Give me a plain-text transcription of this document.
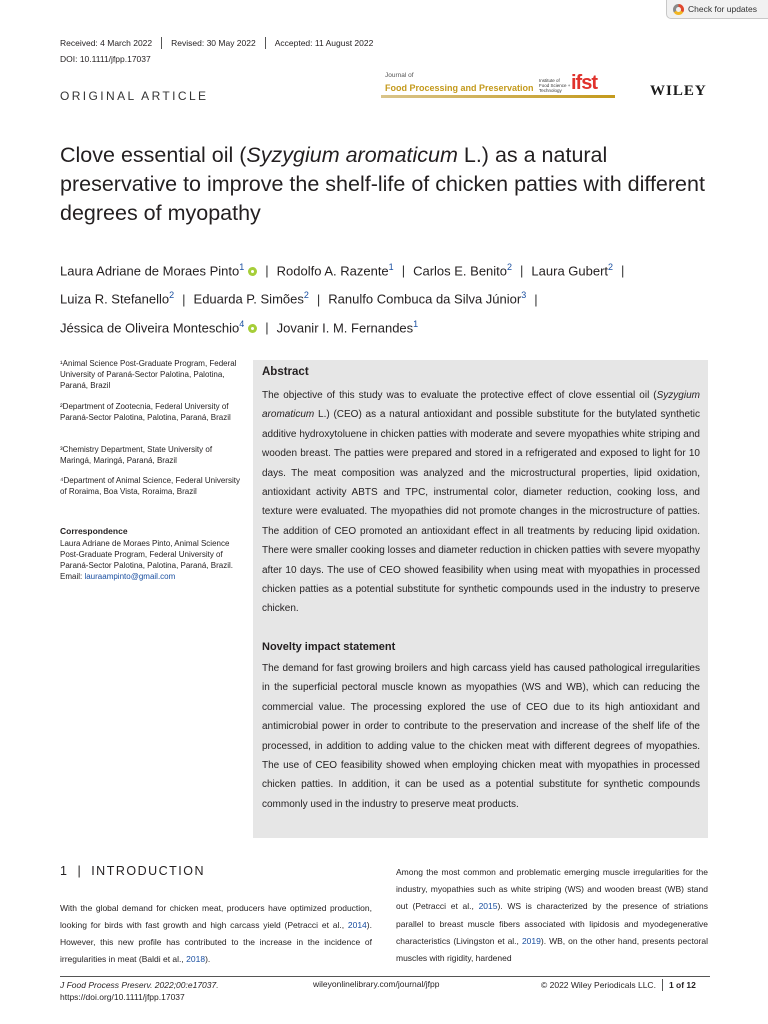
Check for updates
Received: 4 March 2022 Revised: 30 May 2022 Accepted: 11 August 2022
DOI: 10.1111/jfpp.17037
Journal of
Food Processing and Preservation
Institute of Food Science + Technology ifst	WILEY
ORIGINAL ARTICLE
Clove essential oil (Syzygium aromaticum L.) as a natural preservative to improve the shelf-life of chicken patties with different degrees of myopathy
Laura Adriane de Moraes Pinto$^1$ | Rodolfo A. Razente$^1$ | Carlos E. Benito$^2$ | Laura Gubert$^2$ |
Luiza R. Stefanello$^2$ | Eduarda P. Simões$^2$ | Ranulfo Combuca da Silva Júnior$^3$ |
Jéssica de Oliveira Monteschio$^4$ | Jovanir I. M. Fernandes$^1$
¹Animal Science Post-Graduate Program, Federal University of Paraná-Sector Palotina, Palotina, Paraná, Brazil
²Department of Zootecnia, Federal University of Paraná-Sector Palotina, Palotina, Paraná, Brazil
³Chemistry Department, State University of Maringá, Maringá, Paraná, Brazil
⁴Department of Animal Science, Federal University of Roraima, Boa Vista, Roraima, Brazil
Correspondence
Laura Adriane de Moraes Pinto, Animal Science Post-Graduate Program, Federal University of Paraná-Sector Palotina, Palotina, Paraná, Brazil.
Email: lauraampinto@gmail.com
Abstract
The objective of this study was to evaluate the protective effect of clove essential oil (Syzygium aromaticum L.) (CEO) as a natural antioxidant and possible substitute for the butylated synthetic additive hydroxytoluene in chicken patties with moderate and severe myopathies white striping and wooden breast. The patties were prepared and stored in a refrigerated and exposed to light for 10 days. The meat composition was analyzed and the microstructural properties, lipid oxidation, antioxidant activity ABTS and TPC, instrumental color, diameter reduction, cooking loss, and texture were evaluated. The myopathies did not promote changes in the microstructure of patties. The addition of CEO promoted an antioxidant effect in all treatments by reducing lipid oxidation. There were smaller cooking losses and diameter reduction in chicken patties with severe myopathy after 10 days. The use of CEO showed feasibility when using meat with myopathies in processed chicken patties as a potential substitute for synthetic compounds used in the industry to preserve chicken.
Novelty impact statement
The demand for fast growing broilers and high carcass yield has caused pathological irregularities in the superficial pectoral muscle known as myopathies (WS and WB), which can reducing the commercial value. The processing explored the use of CEO due to its high antioxidant and antimicrobial power in order to contribute to the preservation and increase of the shelf life of the processed, in addition to adding value to the chicken meat with different degrees of myopathies. The use of CEO feasibility showed when employing chicken meat with myopathies in processed chicken patties. In addition, it can be used as a potential substitute for synthetic compounds commonly used in the industry to preserve meat products.
1 | INTRODUCTION
With the global demand for chicken meat, producers have optimized production, looking for birds with fast growth and high carcass yield (Petracci et al., 2014). However, this new profile has contributed to the increase in the incidence of irregularities in meat (Baldi et al., 2018).
Among the most common and problematic emerging muscle irregularities for the industry, myopathies such as white striping (WS) and wooden breast (WB) stand out (Petracci et al., 2015). WS is characterized by the presence of striations parallel to breast muscle fibers associated with lipidosis and myodegenerative characteristics (Livingston et al., 2019). WB, on the other hand, presents pectoral muscles with rigidity, hardened
J Food Process Preserv. 2022;00:e17037.
https://doi.org/10.1111/jfpp.17037
wileyonlinelibrary.com/journal/jfpp	© 2022 Wiley Periodicals LLC. 1 of 12
